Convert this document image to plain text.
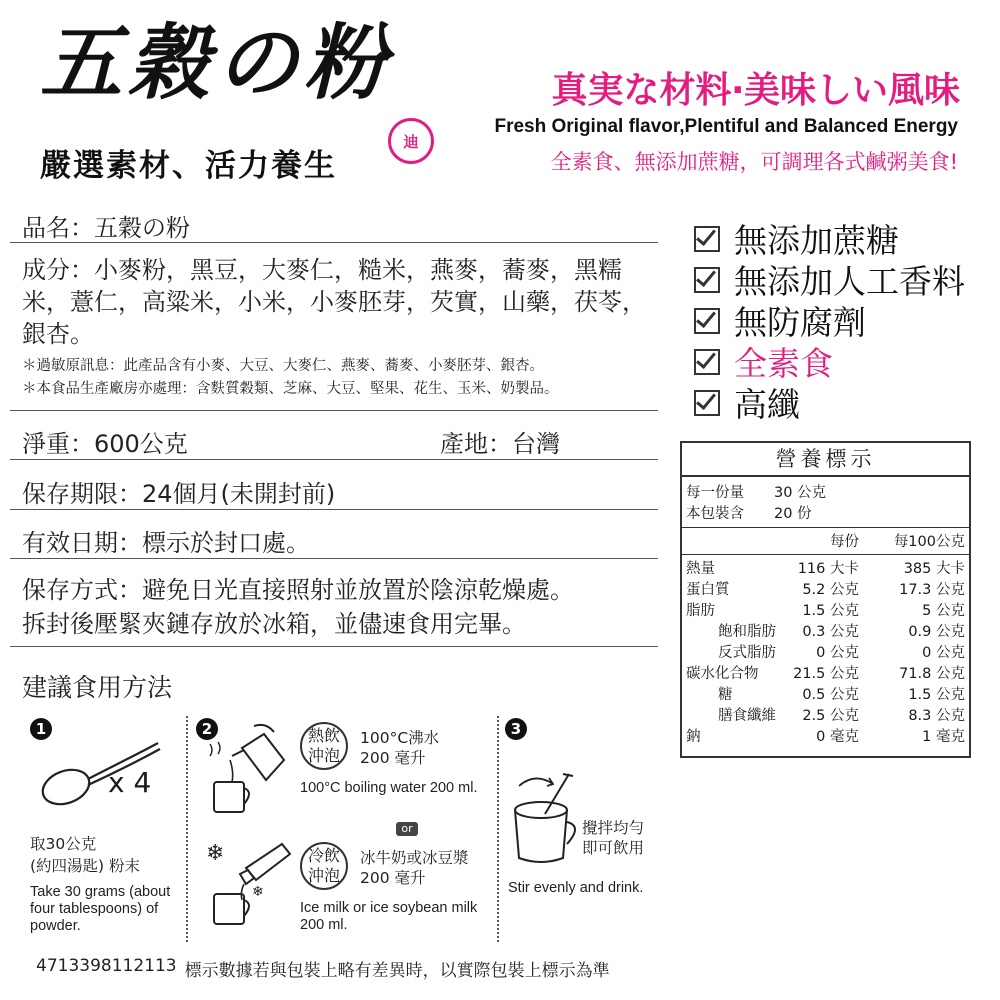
五穀の粉
嚴選素材、活力養生
迪
真実な材料‧美味しい風味
Fresh Original flavor,Plentiful and Balanced Energy
全素食、無添加蔗糖，可調理各式鹹粥美食!
品名：五穀の粉
成分：小麥粉，黑豆，大麥仁，糙米，燕麥，蕎麥，黑糯米，薏仁，高粱米，小米，小麥胚芽，芡實，山藥，茯苓，銀杏。
＊過敏原訊息：此產品含有小麥、大豆、大麥仁、燕麥、蕎麥、小麥胚芽、銀杏。
＊本食品生產廠房亦處理：含麩質穀類、芝麻、大豆、堅果、花生、玉米、奶製品。
淨重：600公克	產地：台灣
保存期限：24個月(未開封前)
有效日期：標示於封口處。
保存方式：避免日光直接照射並放置於陰涼乾燥處。
拆封後壓緊夾鏈存放於冰箱，並儘速食用完畢。
建議食用方法
無添加蔗糖
無添加人工香料
無防腐劑
全素食
高纖
營養標示
每一份量	30 公克
本包裝含	20 份
	每份	每100公克
熱量	116 大卡	385 大卡
蛋白質	5.2 公克	17.3 公克
脂肪	1.5 公克	5 公克
飽和脂肪	0.3 公克	0.9 公克
反式脂肪	0 公克	0 公克
碳水化合物	21.5 公克	71.8 公克
糖	0.5 公克	1.5 公克
膳食纖維	2.5 公克	8.3 公克
鈉	0 毫克	1 毫克
1
x 4
取30公克
(約四湯匙) 粉末
Take 30 grams (about four tablespoons) of powder.
2	熱飲沖泡
100°C沸水
200 毫升
100°C boiling water 200 ml.
or
❄
❄
冷飲沖泡
冰牛奶或冰豆漿
200 毫升
Ice milk or ice soybean milk 200 ml.
3
攪拌均勻
即可飲用
Stir evenly and drink.
4713398112113 標示數據若與包裝上略有差異時，以實際包裝上標示為準
